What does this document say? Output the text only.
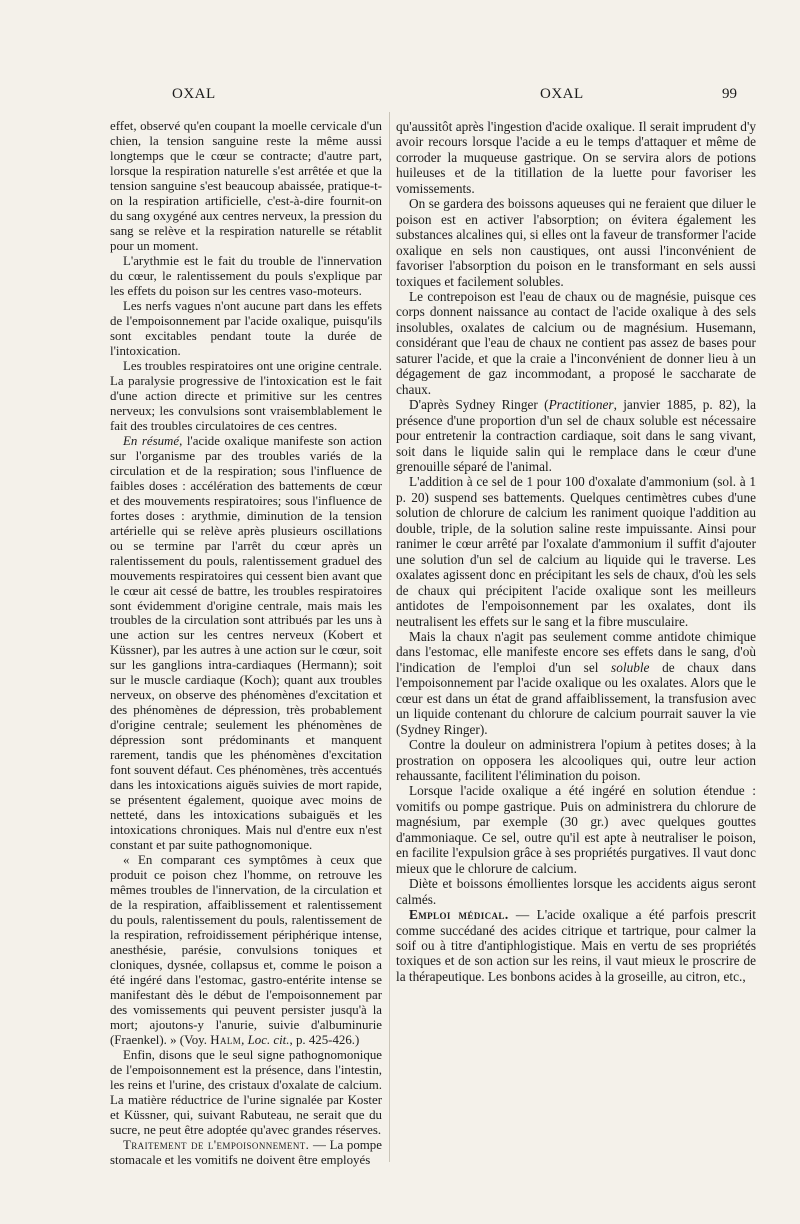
OXAL	OXAL	99

effet, observé qu'en coupant la moelle cervicale d'un chien, la tension sanguine reste la même aussi longtemps que le cœur se contracte; d'autre part, lorsque la respiration naturelle s'est arrêtée et que la tension sanguine s'est beaucoup abaissée, pratique-t-on la respiration artificielle, c'est-à-dire fournit-on du sang oxygéné aux centres nerveux, la pression du sang se relève et la respiration naturelle se rétablit pour un moment.

L'arythmie est le fait du trouble de l'innervation du cœur, le ralentissement du pouls s'explique par les effets du poison sur les centres vaso-moteurs.

Les nerfs vagues n'ont aucune part dans les effets de l'empoisonnement par l'acide oxalique, puisqu'ils sont excitables pendant toute la durée de l'intoxication.

Les troubles respiratoires ont une origine centrale. La paralysie progressive de l'intoxication est le fait d'une action directe et primitive sur les centres nerveux; les convulsions sont vraisemblablement le fait des troubles circulatoires de ces centres.

En résumé, l'acide oxalique manifeste son action sur l'organisme par des troubles variés de la circulation et de la respiration; sous l'influence de faibles doses : accélération des battements de cœur et des mouvements respiratoires; sous l'influence de fortes doses : arythmie, diminution de la tension artérielle qui se relève après plusieurs oscillations ou se termine par l'arrêt du cœur après un ralentissement du pouls, ralentissement graduel des mouvements respiratoires qui cessent bien avant que le cœur ait cessé de battre, les troubles respiratoires sont évidemment d'origine centrale, mais mais les troubles de la circulation sont attribués par les uns à une action sur les centres nerveux (Kobert et Küssner), par les autres à une action sur le cœur, soit sur les ganglions intra-cardiaques (Hermann); soit sur le muscle cardiaque (Koch); quant aux troubles nerveux, on observe des phénomènes d'excitation et des phénomènes de dépression, très probablement d'origine centrale; seulement les phénomènes de dépression sont prédominants et manquent rarement, tandis que les phénomènes d'excitation font souvent défaut. Ces phénomènes, très accentués dans les intoxications aiguës suivies de mort rapide, se présentent également, quoique avec moins de netteté, dans les intoxications subaiguës et les intoxications chroniques. Mais nul d'entre eux n'est constant et par suite pathognomonique.

« En comparant ces symptômes à ceux que produit ce poison chez l'homme, on retrouve les mêmes troubles de l'innervation, de la circulation et de la respiration, affaiblissement et ralentissement du pouls, ralentissement du pouls, ralentissement de la respiration, refroidissement périphérique intense, anesthésie, parésie, convulsions toniques et cloniques, dysnée, collapsus et, comme le poison a été ingéré dans l'estomac, gastro-entérite intense se manifestant dès le début de l'empoisonnement par des vomissements qui peuvent persister jusqu'à la mort; ajoutons-y l'anurie, suivie d'albuminurie (Fraenkel). » (Voy. Halm, Loc. cit., p. 425-426.)

Enfin, disons que le seul signe pathognomonique de l'empoisonnement est la présence, dans l'intestin, les reins et l'urine, des cristaux d'oxalate de calcium. La matière réductrice de l'urine signalée par Koster et Küssner, qui, suivant Rabuteau, ne serait que du sucre, ne peut être adoptée qu'avec grandes réserves.

Traitement de l'empoisonnement. — La pompe stomacale et les vomitifs ne doivent être employés

qu'aussitôt après l'ingestion d'acide oxalique. Il serait imprudent d'y avoir recours lorsque l'acide a eu le temps d'attaquer et même de corroder la muqueuse gastrique. On se servira alors de potions huileuses et de la titillation de la luette pour favoriser les vomissements.

On se gardera des boissons aqueuses qui ne feraient que diluer le poison est en activer l'absorption; on évitera également les substances alcalines qui, si elles ont la faveur de transformer l'acide oxalique en sels non caustiques, ont aussi l'inconvénient de favoriser l'absorption du poison en le transformant en sels aussi toxiques et facilement solubles.

Le contrepoison est l'eau de chaux ou de magnésie, puisque ces corps donnent naissance au contact de l'acide oxalique à des sels insolubles, oxalates de calcium ou de magnésium. Husemann, considérant que l'eau de chaux ne contient pas assez de bases pour saturer l'acide, et que la craie a l'inconvénient de donner lieu à un dégagement de gaz incommodant, a proposé le saccharate de chaux.

D'après Sydney Ringer (Practitioner, janvier 1885, p. 82), la présence d'une proportion d'un sel de chaux soluble est nécessaire pour entretenir la contraction cardiaque, soit dans le sang vivant, soit dans le liquide salin qui le remplace dans le cœur d'une grenouille séparé de l'animal.

L'addition à ce sel de 1 pour 100 d'oxalate d'ammonium (sol. à 1 p. 20) suspend ses battements. Quelques centimètres cubes d'une solution de chlorure de calcium les raniment quoique l'addition au double, triple, de la solution saline reste impuissante. Ainsi pour ranimer le cœur arrêté par l'oxalate d'ammonium il suffit d'ajouter une solution d'un sel de calcium au liquide qui le traverse. Les oxalates agissent donc en précipitant les sels de chaux, d'où les sels de chaux qui précipitent l'acide oxalique sont les meilleurs antidotes de l'empoisonnement par les oxalates, dont ils neutralisent les effets sur le sang et la fibre musculaire.

Mais la chaux n'agit pas seulement comme antidote chimique dans l'estomac, elle manifeste encore ses effets dans le sang, d'où l'indication de l'emploi d'un sel soluble de chaux dans l'empoisonnement par l'acide oxalique ou les oxalates. Alors que le cœur est dans un état de grand affaiblissement, la transfusion avec un liquide contenant du chlorure de calcium pourrait sauver la vie (Sydney Ringer).

Contre la douleur on administrera l'opium à petites doses; à la prostration on opposera les alcooliques qui, outre leur action rehaussante, facilitent l'élimination du poison.

Lorsque l'acide oxalique a été ingéré en solution étendue : vomitifs ou pompe gastrique. Puis on administrera du chlorure de magnésium, par exemple (30 gr.) avec quelques gouttes d'ammoniaque. Ce sel, outre qu'il est apte à neutraliser le poison, en facilite l'expulsion grâce à ses propriétés purgatives. Il vaut donc mieux que le chlorure de calcium.

Diète et boissons émollientes lorsque les accidents aigus seront calmés.

Emploi médical. — L'acide oxalique a été parfois prescrit comme succédané des acides citrique et tartrique, pour calmer la soif ou à titre d'antiphlogistique. Mais en vertu de ses propriétés toxiques et de son action sur les reins, il vaut mieux le proscrire de la thérapeutique. Les bonbons acides à la groseille, au citron, etc.,
